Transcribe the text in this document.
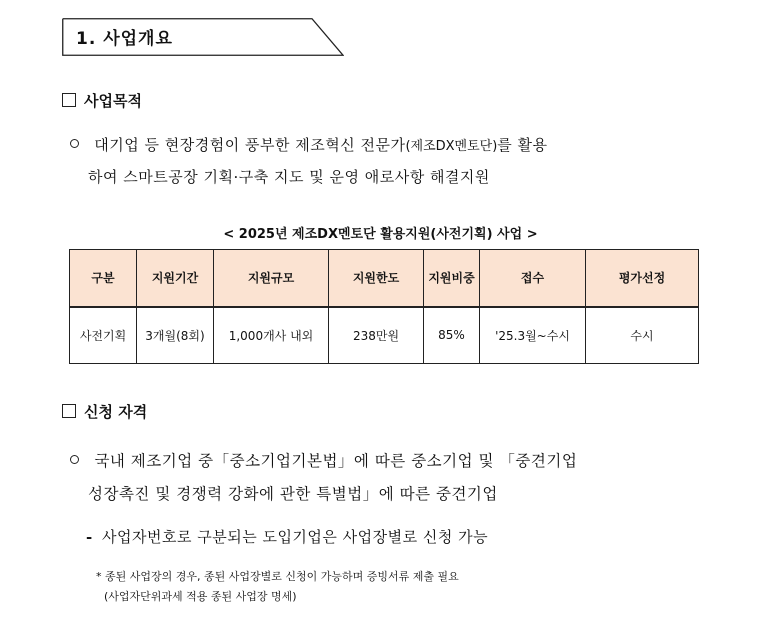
1. 사업개요
사업목적
대기업 등 현장경험이 풍부한 제조혁신 전문가(제조DX멘토단)를 활용
하여 스마트공장 기획·구축 지도 및 운영 애로사항 해결지원
< 2025년 제조DX멘토단 활용지원(사전기획) 사업 >
구분	지원기간	지원규모	지원한도	지원비중	접수	평가선정
사전기획	3개월(8회)	1,000개사 내외	238만원	85%	'25.3월~수시	수시
신청 자격
국내 제조기업 중「중소기업기본법」에 따른 중소기업 및 「중견기업
성장촉진 및 경쟁력 강화에 관한 특별법」에 따른 중견기업
- 사업자번호로 구분되는 도입기업은 사업장별로 신청 가능
* 종된 사업장의 경우, 종된 사업장별로 신청이 가능하며 증빙서류 제출 필요
(사업자단위과세 적용 종된 사업장 명세)
